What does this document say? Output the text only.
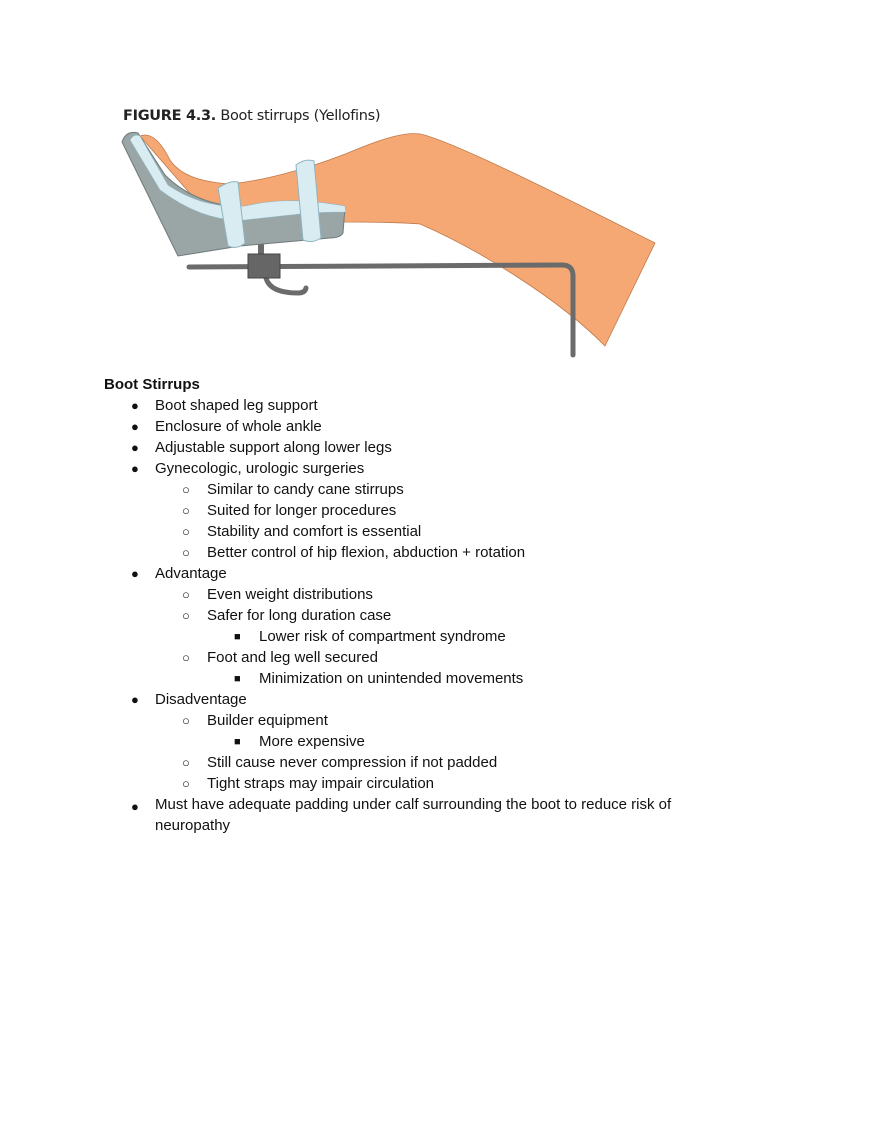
FIGURE 4.3. Boot stirrups (Yellofins)
Boot Stirrups
● Boot shaped leg support
● Enclosure of whole ankle
● Adjustable support along lower legs
● Gynecologic, urologic surgeries
○ Similar to candy cane stirrups
○ Suited for longer procedures
○ Stability and comfort is essential
○ Better control of hip flexion, abduction + rotation
● Advantage
○ Even weight distributions
○ Safer for long duration case
■ Lower risk of compartment syndrome
○ Foot and leg well secured
■ Minimization on unintended movements
● Disadventage
○ Builder equipment
■ More expensive
○ Still cause never compression if not padded
○ Tight straps may impair circulation
● Must have adequate padding under calf surrounding the boot to reduce risk of neuropathy
